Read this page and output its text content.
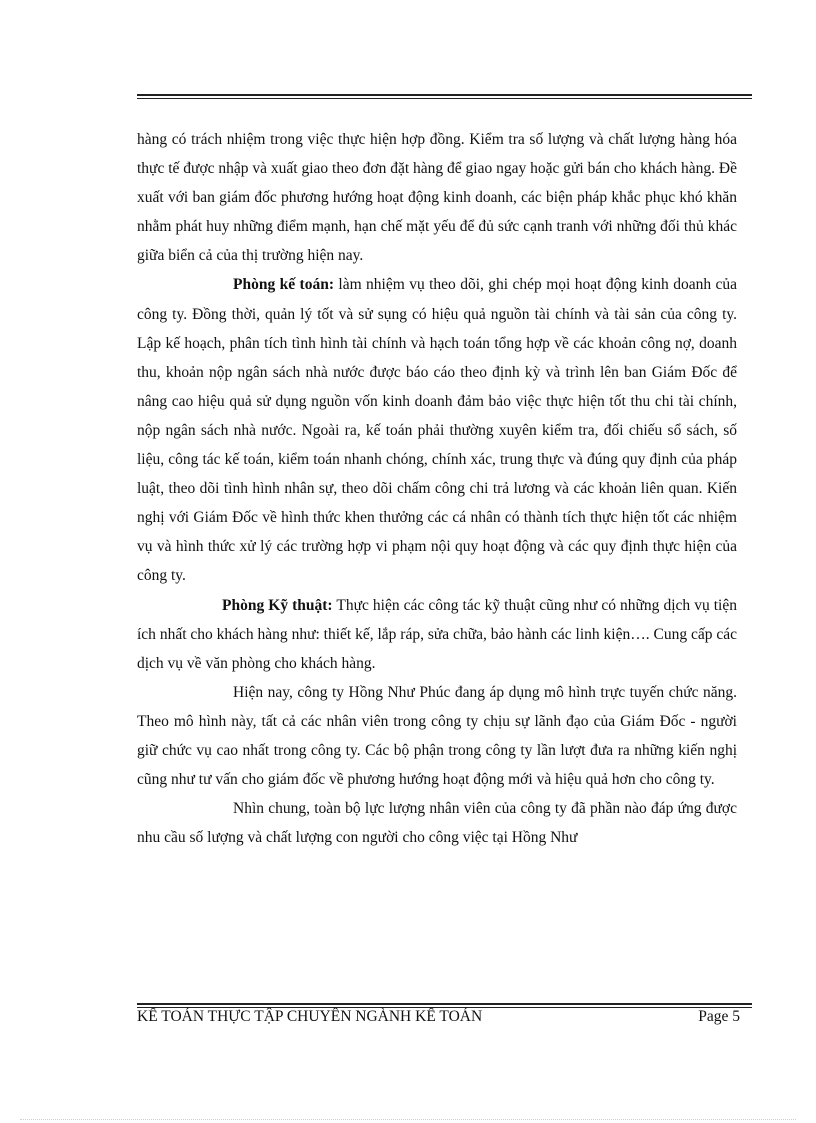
hàng có trách nhiệm trong việc thực hiện hợp đồng. Kiểm tra số lượng và chất lượng hàng hóa thực tế được nhập và xuất giao theo đơn đặt hàng để giao ngay hoặc gửi bán cho khách hàng. Đề xuất với ban giám đốc phương hướng hoạt động kinh doanh, các biện pháp khắc phục khó khăn nhằm phát huy những điểm mạnh, hạn chế mặt yếu để đủ sức cạnh tranh với những đối thủ khác giữa biển cả của thị trường hiện nay.

Phòng kế toán: làm nhiệm vụ theo dõi, ghi chép mọi hoạt động kinh doanh của công ty. Đồng thời, quản lý tốt và sử sụng có hiệu quả nguồn tài chính và tài sản của công ty. Lập kế hoạch, phân tích tình hình tài chính và hạch toán tổng hợp về các khoản công nợ, doanh thu, khoản nộp ngân sách nhà nước được báo cáo theo định kỳ và trình lên ban Giám Đốc để nâng cao hiệu quả sử dụng nguồn vốn kinh doanh đảm bảo việc thực hiện tốt thu chi tài chính, nộp ngân sách nhà nước. Ngoài ra, kế toán phải thường xuyên kiểm tra, đối chiếu sổ sách, số liệu, công tác kế toán, kiểm toán nhanh chóng, chính xác, trung thực và đúng quy định của pháp luật, theo dõi tình hình nhân sự, theo dõi chấm công chi trả lương và các khoản liên quan. Kiến nghị với Giám Đốc về hình thức khen thưởng các cá nhân có thành tích thực hiện tốt các nhiệm vụ và hình thức xử lý các trường hợp vi phạm nội quy hoạt động và các quy định thực hiện của công ty.

Phòng Kỹ thuật: Thực hiện các công tác kỹ thuật cũng như có những dịch vụ tiện ích nhất cho khách hàng như: thiết kế, lắp ráp, sửa chữa, bảo hành các linh kiện…. Cung cấp các dịch vụ về văn phòng cho khách hàng.

Hiện nay, công ty Hồng Như Phúc đang áp dụng mô hình trực tuyến chức năng. Theo mô hình này, tất cả các nhân viên trong công ty chịu sự lãnh đạo của Giám Đốc - người giữ chức vụ cao nhất trong công ty. Các bộ phận trong công ty lần lượt đưa ra những kiến nghị cũng như tư vấn cho giám đốc về phương hướng hoạt động mới và hiệu quả hơn cho công ty.

Nhìn chung, toàn bộ lực lượng nhân viên của công ty đã phần nào đáp ứng được nhu cầu số lượng và chất lượng con người cho công việc tại Hồng Như

KẾ TOÁN THỰC TẬP CHUYÊN NGÀNH KẾ TOÁN	Page 5
